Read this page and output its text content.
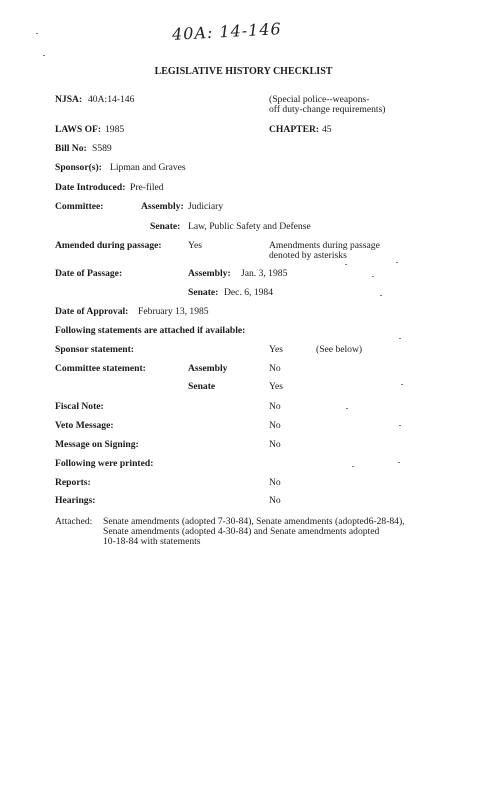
40A: 14-146
LEGISLATIVE HISTORY CHECKLIST
NJSA: 40A:14-146	(Special police--weapons-
off duty-change requirements)
LAWS OF: 1985	CHAPTER: 45
Bill No: S589
Sponsor(s): Lipman and Graves
Date Introduced: Pre-filed
Committee:	Assembly: Judiciary
Senate: Law, Public Safety and Defense
Amended during passage:	Yes	Amendments during passage
denoted by asterisks
Date of Passage:	Assembly: Jan. 3, 1985
Senate: Dec. 6, 1984
Date of Approval: February 13, 1985
Following statements are attached if available:
Sponsor statement:	Yes	(See below)
Committee statement:	Assembly	No
Senate	Yes
Fiscal Note:	No
Veto Message:	No
Message on Signing:	No
Following were printed:
Reports:	No
Hearings:	No
Attached: Senate amendments (adopted 7-30-84), Senate amendments (adopted6-28-84),
Senate amendments (adopted 4-30-84) and Senate amendments adopted
10-18-84 with statements
